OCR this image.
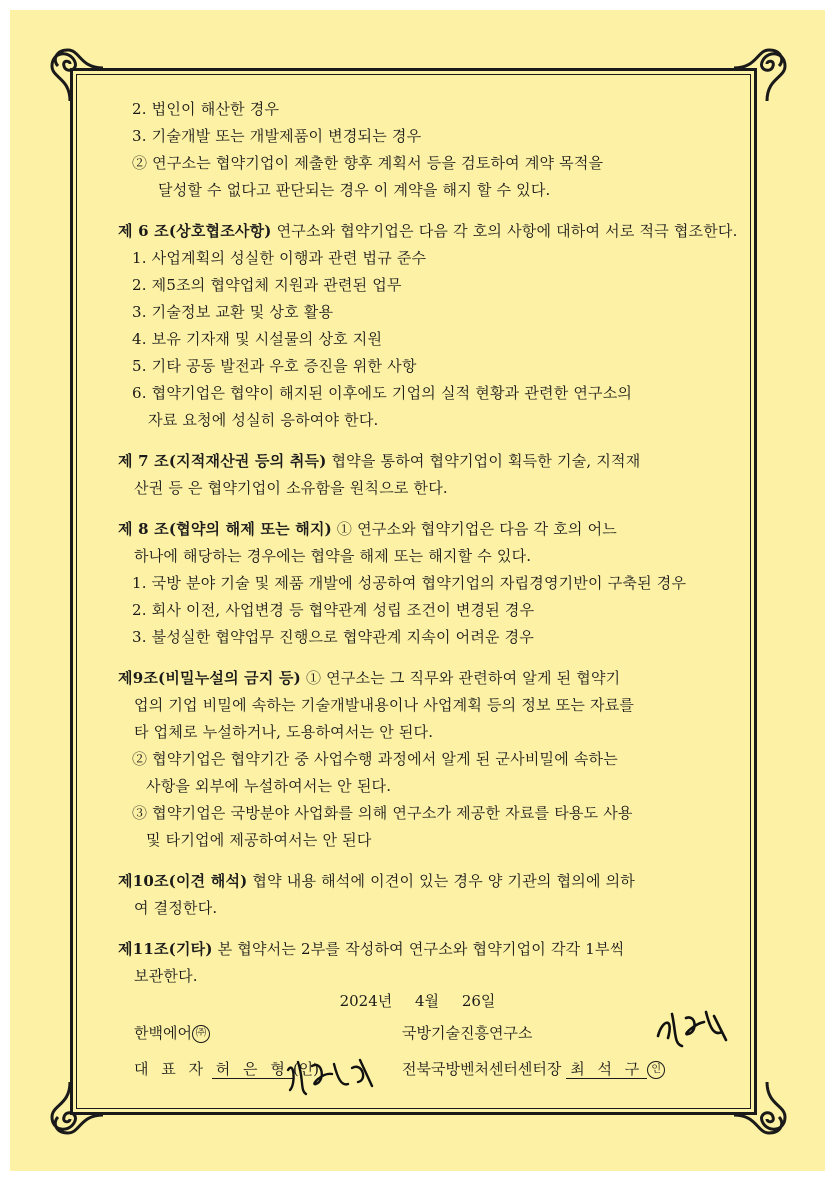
2. 법인이 해산한 경우
3. 기술개발 또는 개발제품이 변경되는 경우
② 연구소는 협약기업이 제출한 향후 계획서 등을 검토하여 계약 목적을
달성할 수 없다고 판단되는 경우 이 계약을 해지 할 수 있다.
제 6 조(상호협조사항) 연구소와 협약기업은 다음 각 호의 사항에 대하여 서로 적극 협조한다.
1. 사업계획의 성실한 이행과 관련 법규 준수
2. 제5조의 협약업체 지원과 관련된 업무
3. 기술정보 교환 및 상호 활용
4. 보유 기자재 및 시설물의 상호 지원
5. 기타 공동 발전과 우호 증진을 위한 사항
6. 협약기업은 협약이 해지된 이후에도 기업의 실적 현황과 관련한 연구소의
자료 요청에 성실히 응하여야 한다.
제 7 조(지적재산권 등의 취득) 협약을 통하여 협약기업이 획득한 기술, 지적재
산권 등 은 협약기업이 소유함을 원칙으로 한다.
제 8 조(협약의 해제 또는 해지) ① 연구소와 협약기업은 다음 각 호의 어느
하나에 해당하는 경우에는 협약을 해제 또는 해지할 수 있다.
1. 국방 분야 기술 및 제품 개발에 성공하여 협약기업의 자립경영기반이 구축된 경우
2. 회사 이전, 사업변경 등 협약관계 성립 조건이 변경된 경우
3. 불성실한 협약업무 진행으로 협약관계 지속이 어려운 경우
제9조(비밀누설의 금지 등) ① 연구소는 그 직무와 관련하여 알게 된 협약기
업의 기업 비밀에 속하는 기술개발내용이나 사업계획 등의 정보 또는 자료를
타 업체로 누설하거나, 도용하여서는 안 된다.
② 협약기업은 협약기간 중 사업수행 과정에서 알게 된 군사비밀에 속하는
사항을 외부에 누설하여서는 안 된다.
③ 협약기업은 국방분야 사업화를 의해 연구소가 제공한 자료를 타용도 사용
및 타기업에 제공하여서는 안 된다
제10조(이견 해석) 협약 내용 해석에 이견이 있는 경우 양 기관의 협의에 의하
여 결정한다.
제11조(기타) 본 협약서는 2부를 작성하여 연구소와 협약기업이 각각 1부씩
보관한다.
2024년 4월 26일
한백에어 ㈜
대 표 자 허 은 형 (인)
국방기술진흥연구소
전북국방벤처센터센터장 최 석 구 인
